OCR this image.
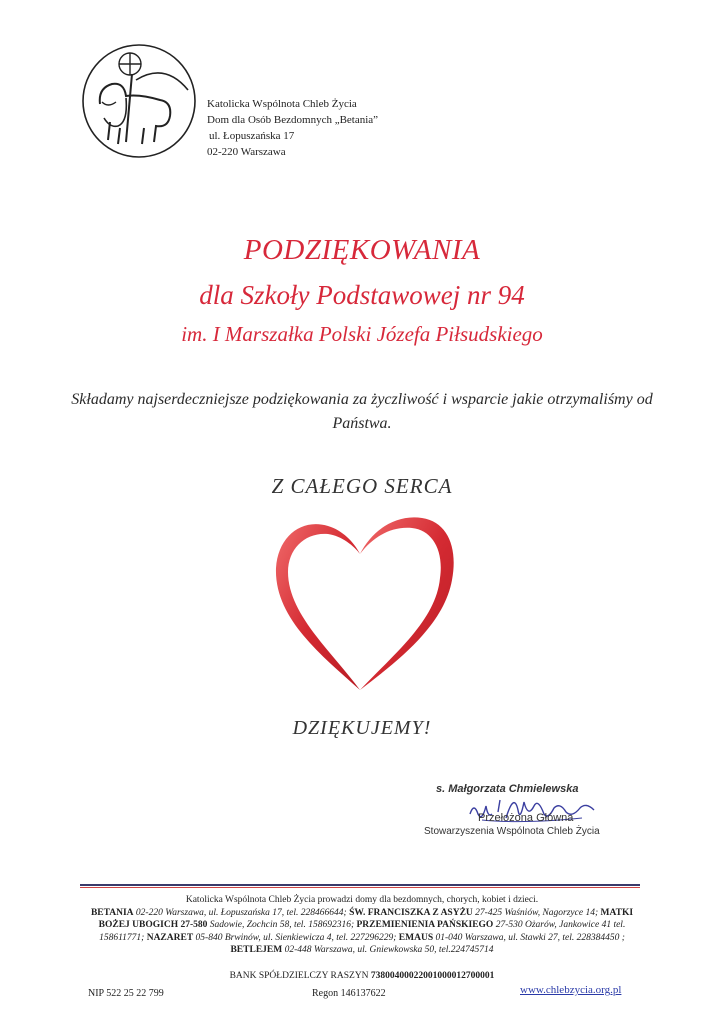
Katolicka Wspólnota Chleb Życia
Dom dla Osób Bezdomnych „Betania”
ul. Łopuszańska 17
02-220 Warszawa
PODZIĘKOWANIA
dla Szkoły Podstawowej nr 94
im. I Marszałka Polski Józefa Piłsudskiego
Składamy najserdeczniejsze podziękowania za życzliwość i wsparcie jakie otrzymaliśmy od Państwa.
Z CAŁEGO SERCA
DZIĘKUJEMY!
s. Małgorzata Chmielewska
Przełożona Główna
Stowarzyszenia Wspólnota Chleb Życia
Katolicka Wspólnota Chleb Życia prowadzi domy dla bezdomnych, chorych, kobiet i dzieci.
BETANIA 02-220 Warszawa, ul. Łopuszańska 17, tel. 228466644; ŚW. FRANCISZKA Z ASYŻU 27-425 Waśniów, Nagorzyce 14; MATKI BOŻEJ UBOGICH 27-580 Sadowie, Zochcin 58, tel. 158692316; PRZEMIENIENIA PAŃSKIEGO 27-530 Ożarów, Jankowice 41 tel. 158611771; NAZARET 05-840 Brwinów, ul. Sienkiewicza 4, tel. 227296229; EMAUS 01-040 Warszawa, ul. Stawki 27, tel. 228384450 ; BETLEJEM 02-448 Warszawa, ul. Gniewkowska 50, tel.224745714
BANK SPÓŁDZIELCZY RASZYN 73800400022001000012700001
NIP 522 25 22 799	Regon 146137622	www.chlebzycia.org.pl
